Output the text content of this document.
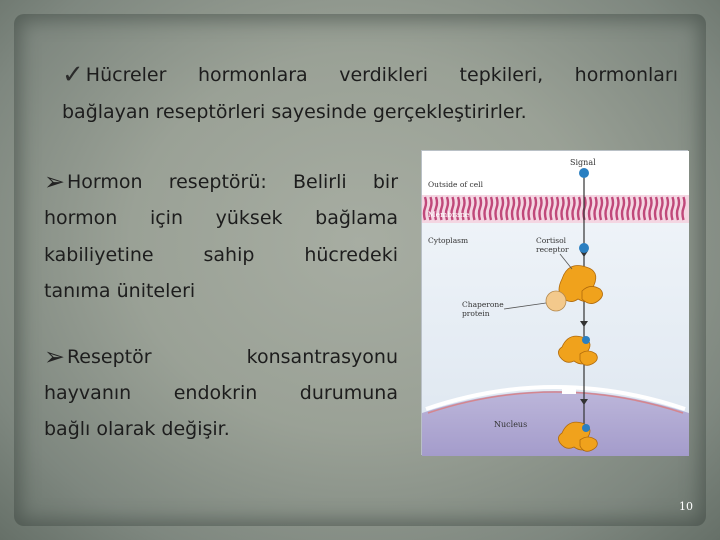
✓ Hücreler hormonlara verdikleri tepkileri, hormonları
bağlayan reseptörleri sayesinde gerçekleştirirler.
➢ Hormon reseptörü: Belirli bir
hormon için yüksek bağlama
kabiliyetine sahip hücredeki
tanıma üniteleri
➢ Reseptör	konsantrasyonu
hayvanın endokrin durumuna
bağlı olarak değişir.
Signal
Outside of cell
Membrane
Cytoplasm	Cortisol
receptor
Chaperone
protein
Nucleus
10
